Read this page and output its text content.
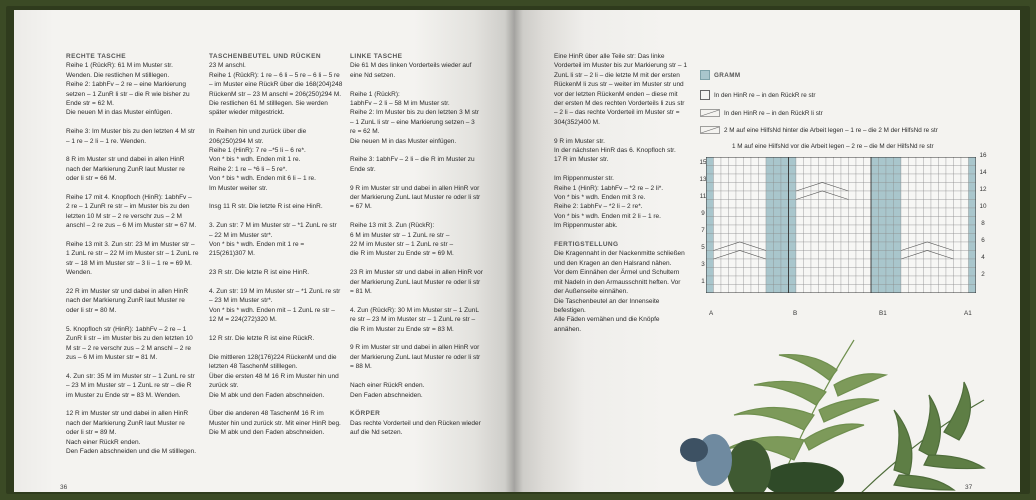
RECHTE TASCHE

Reihe 1 (RückR): 61 M im Muster str.
Wenden. Die restlichen M stilllegen.
Reihe 2: 1abhFv – 2 re – eine Markierung
setzen – 1 ZunR li str – die R wie bisher zu
Ende str = 62 M.
Die neuen M in das Muster einfügen.

Reihe 3: Im Muster bis zu den letzten 4 M str
– 1 re – 2 li – 1 re. Wenden.

8 R im Muster str und dabei in allen HinR
nach der Markierung ZunR laut Muster re
oder li str = 66 M.

Reihe 17 mit 4. Knopfloch (HinR): 1abhFv –
2 re – 1 ZunR re str – im Muster bis zu den
letzten 10 M str – 2 re verschr zus – 2 M
anschl – 2 re zus – 6 M im Muster str = 67 M.

Reihe 13 mit 3. Zun str: 23 M im Muster str –
1 ZunL re str – 22 M im Muster str – 1 ZunL re
str – 18 M im Muster str – 3 li – 1 re = 69 M.
Wenden.

22 R im Muster str und dabei in allen HinR
nach der Markierung ZunR laut Muster re
oder li str = 80 M.

5. Knopfloch str (HinR): 1abhFv – 2 re – 1
ZunR li str – im Muster bis zu den letzten 10
M str – 2 re verschr zus – 2 M anschl – 2 re
zus – 6 M im Muster str = 81 M.

4. Zun str: 35 M im Muster str – 1 ZunL re str
– 23 M im Muster str – 1 ZunL re str – die R
im Muster zu Ende str = 83 M. Wenden.

12 R im Muster str und dabei in allen HinR
nach der Markierung ZunR laut Muster re
oder li str = 89 M.
Nach einer RückR enden.
Den Faden abschneiden und die M stilllegen.

TASCHENBEUTEL UND RÜCKEN

23 M anschl.
Reihe 1 (RückR): 1 re – 6 li – 5 re – 6 li – 5 re
– im Muster eine RückR über die 168(204)248
RückenM str – 23 M anschl = 206(250)294 M.
Die restlichen 61 M stilllegen. Sie werden
später wieder mitgestrickt.

In Reihen hin und zurück über die
206(250)294 M str.
Reihe 1 (HinR): 7 re –*5 li – 6 re*.
Von * bis * wdh. Enden mit 1 re.
Reihe 2: 1 re – *6 li – 5 re*.
Von * bis * wdh. Enden mit 6 li – 1 re.
Im Muster weiter str.

Insg 11 R str. Die letzte R ist eine HinR.

3. Zun str: 7 M im Muster str – *1 ZunL re str
– 22 M im Muster str*.
Von * bis * wdh. Enden mit 1 re =
215(261)307 M.

23 R str. Die letzte R ist eine HinR.

4. Zun str: 19 M im Muster str – *1 ZunL re str
– 23 M im Muster str*.
Von * bis * wdh. Enden mit – 1 ZunL re str –
12 M = 224(272)320 M.

12 R str. Die letzte R ist eine RückR.

Die mittleren 128(176)224 RückenM und die
letzten 48 TaschenM stilllegen.
Über die ersten 48 M 16 R im Muster hin und
zurück str.
Die M abk und den Faden abschneiden.

Über die anderen 48 TaschenM 16 R im
Muster hin und zurück str. Mit einer HinR beg.
Die M abk und den Faden abschneiden.

LINKE TASCHE

Die 61 M des linken Vorderteils wieder auf
eine Nd setzen.

Reihe 1 (RückR):
1abhFv – 2 li – 58 M im Muster str.
Reihe 2: Im Muster bis zu den letzten 3 M str
– 1 ZunL li str – eine Markierung setzen – 3
re = 62 M.
Die neuen M in das Muster einfügen.

Reihe 3: 1abhFv – 2 li – die R im Muster zu
Ende str.

9 R im Muster str und dabei in allen HinR vor
der Markierung ZunL laut Muster re oder li str
= 67 M.

Reihe 13 mit 3. Zun (RückR):
6 M im Muster str – 1 ZunL re str –
22 M im Muster str – 1 ZunL re str –
die R im Muster zu Ende str = 69 M.

23 R im Muster str und dabei in allen HinR vor
der Markierung ZunL laut Muster re oder li str
= 81 M.

4. Zun (RückR): 30 M im Muster str – 1 ZunL
re str – 23 M im Muster str – 1 ZunL re str –
die R im Muster zu Ende str = 83 M.

9 R im Muster str und dabei in allen HinR vor
der Markierung ZunL laut Muster re oder li str
= 88 M.

Nach einer RückR enden.
Den Faden abschneiden.

KÖRPER

Das rechte Vorderteil und den Rücken wieder
auf die Nd setzen.

36

Eine HinR über alle Teile str: Das linke
Vorderteil im Muster bis zur Markierung str – 1
ZunL li str – 2 li – die letzte M mit der ersten
RückenM li zus str – weiter im Muster str und
vor der letzten RückenM enden – diese mit
der ersten M des rechten Vorderteils li zus str
– 2 li – das rechte Vorderteil im Muster str =
304(352)400 M.

9 R im Muster str.
In der nächsten HinR das 6. Knopfloch str.
17 R im Muster str.

Im Rippenmuster str.
Reihe 1 (HinR): 1abhFv – *2 re – 2 li*.
Von * bis * wdh. Enden mit 3 re.
Reihe 2: 1abhFv – *2 li – 2 re*.
Von * bis * wdh. Enden mit 2 li – 1 re.
Im Rippenmuster abk.

FERTIGSTELLUNG

Die Kragennaht in der Nackenmitte schließen
und den Kragen an den Halsrand nähen.
Vor dem Einnähen der Ärmel und Schultern
mit Nadeln in den Armausschnitt heften. Vor
der Außenseite einnähen.
Die Taschenbeutel an der Innenseite
befestigen.
Alle Fäden vernähen und die Knöpfe
annähen.

GRAMM
In den HinR re – in den RückR re str
In den HinR re – in den RückR li str
2 M auf eine HilfsNd hinter die Arbeit legen – 1 re – die 2 M der HilfsNd re str
1 M auf eine HilfsNd vor die Arbeit legen – 2 re – die M der HilfsNd re str
15
13
11
9
7
5
3
1
16
14
12
10
8
6
4
2
A	B	B1	A1
37
